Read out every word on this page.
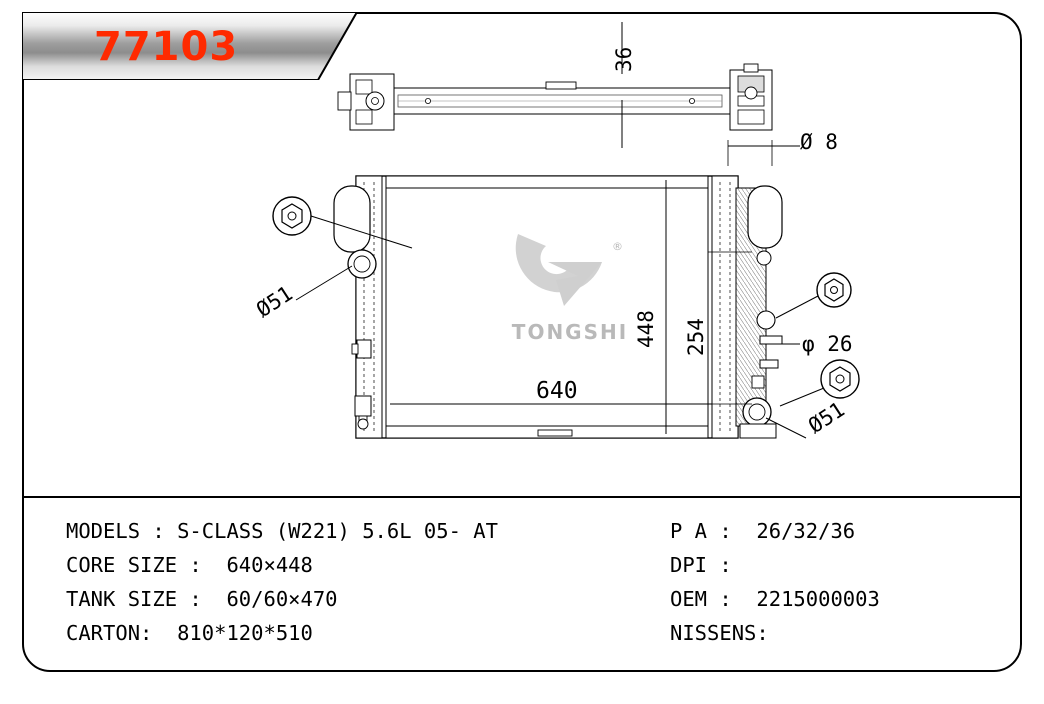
36
Ø 8
Ø51
448 254	φ 26
640
Ø51
®
TONGSHI
77103
MODELS : S-CLASS (W221) 5.6L 05- AT
CORE SIZE :  640×448
TANK SIZE :  60/60×470
CARTON:  810*120*510
P A :  26/32/36
DPI :
OEM :  2215000003
NISSENS:
